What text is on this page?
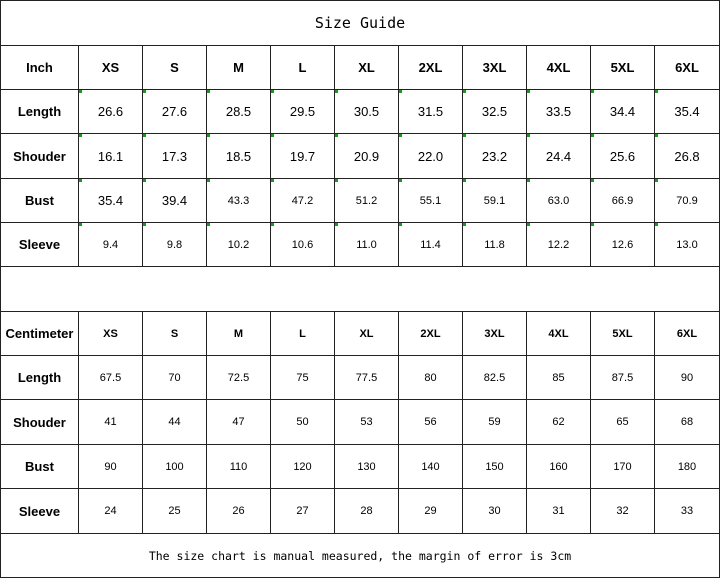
Size Guide
Inch	XS	S	M	L	XL	2XL	3XL	4XL	5XL	6XL
Length	26.6	27.6	28.5	29.5	30.5	31.5	32.5	33.5	34.4	35.4
Shouder	16.1	17.3	18.5	19.7	20.9	22.0	23.2	24.4	25.6	26.8
Bust	35.4	39.4	43.3	47.2	51.2	55.1	59.1	63.0	66.9	70.9
Sleeve	9.4	9.8	10.2	10.6	11.0	11.4	11.8	12.2	12.6	13.0
Centimeter	XS	S	M	L	XL	2XL	3XL	4XL	5XL	6XL
Length	67.5	70	72.5	75	77.5	80	82.5	85	87.5	90
Shouder	41	44	47	50	53	56	59	62	65	68
Bust	90	100	110	120	130	140	150	160	170	180
Sleeve	24	25	26	27	28	29	30	31	32	33
The size chart is manual measured, the margin of error is 3cm
